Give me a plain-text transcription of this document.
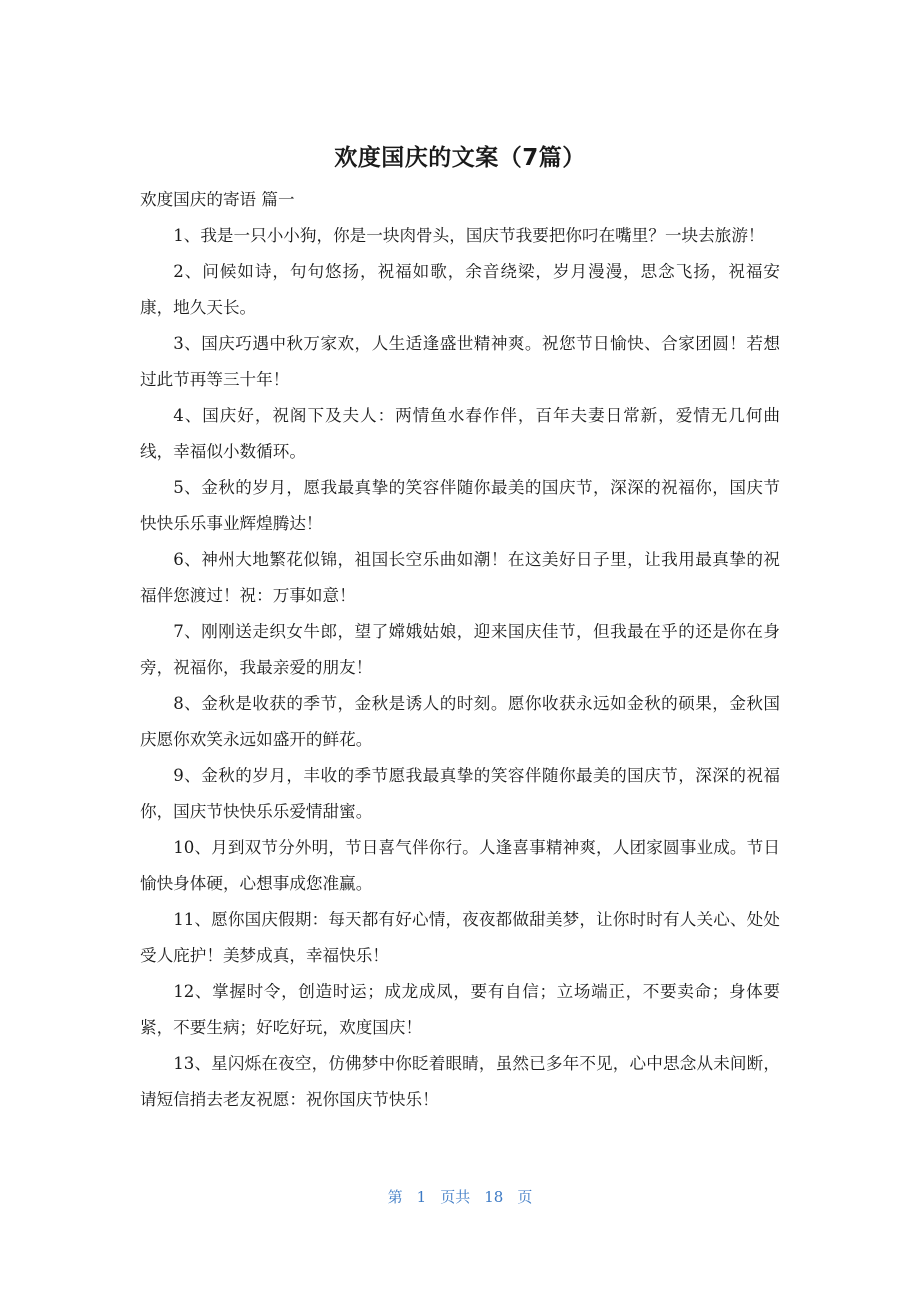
欢度国庆的文案（7篇）

欢度国庆的寄语 篇一

1、我是一只小小狗，你是一块肉骨头，国庆节我要把你叼在嘴里？一块去旅游！

2、问候如诗，句句悠扬，祝福如歌，余音绕梁，岁月漫漫，思念飞扬，祝福安康，地久天长。

3、国庆巧遇中秋万家欢，人生适逢盛世精神爽。祝您节日愉快、合家团圆！若想过此节再等三十年！

4、国庆好，祝阁下及夫人：两情鱼水春作伴，百年夫妻日常新，爱情无几何曲线，幸福似小数循环。

5、金秋的岁月，愿我最真挚的笑容伴随你最美的国庆节，深深的祝福你，国庆节快快乐乐事业辉煌腾达！

6、神州大地繁花似锦，祖国长空乐曲如潮！在这美好日子里，让我用最真挚的祝福伴您渡过！祝：万事如意！

7、刚刚送走织女牛郎，望了嫦娥姑娘，迎来国庆佳节，但我最在乎的还是你在身旁，祝福你，我最亲爱的朋友！

8、金秋是收获的季节，金秋是诱人的时刻。愿你收获永远如金秋的硕果，金秋国庆愿你欢笑永远如盛开的鲜花。

9、金秋的岁月，丰收的季节愿我最真挚的笑容伴随你最美的国庆节，深深的祝福你，国庆节快快乐乐爱情甜蜜。

10、月到双节分外明，节日喜气伴你行。人逢喜事精神爽，人团家圆事业成。节日愉快身体硬，心想事成您准赢。

11、愿你国庆假期：每天都有好心情，夜夜都做甜美梦，让你时时有人关心、处处受人庇护！美梦成真，幸福快乐！

12、掌握时令，创造时运；成龙成凤，要有自信；立场端正，不要卖命；身体要紧，不要生病；好吃好玩，欢度国庆！

13、星闪烁在夜空，仿佛梦中你眨着眼睛，虽然已多年不见，心中思念从未间断，请短信捎去老友祝愿：祝你国庆节快乐！

第 1 页共 18 页
